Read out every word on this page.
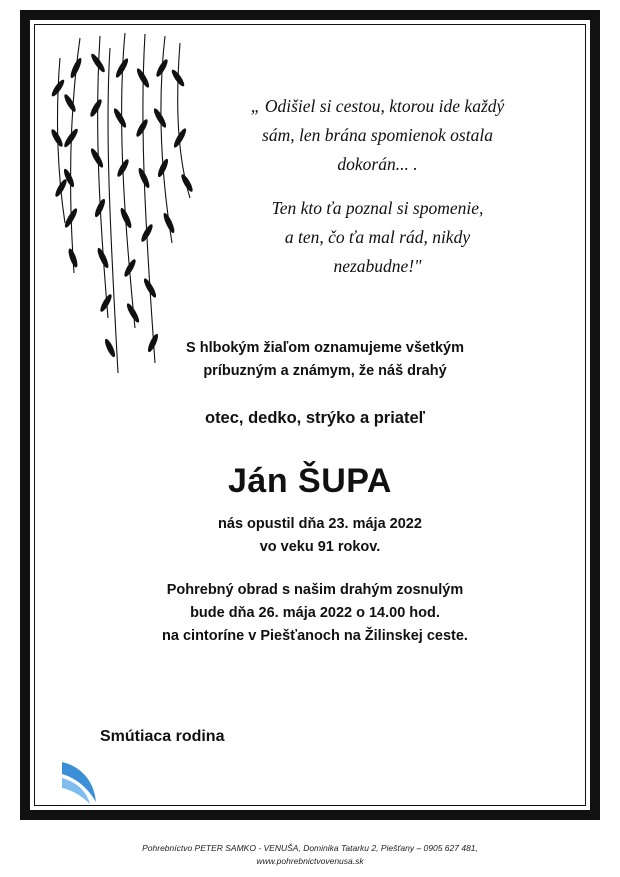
„ Odišiel si cestou, ktorou ide každý

sám, len brána spomienok ostala

dokorán... .

Ten kto ťa poznal si spomenie,

a ten, čo ťa mal rád, nikdy

nezabudne!"

S hlbokým žiaľom oznamujeme všetkým
príbuzným a známym, že náš drahý
otec, dedko, strýko a priateľ
Ján ŠUPA
nás opustil dňa 23. mája 2022
vo veku 91 rokov.
Pohrebný obrad s našim drahým zosnulým
bude dňa 26. mája 2022 o 14.00 hod.
na cintoríne v Piešťanoch na Žilinskej ceste.
Smútiaca rodina
Pohrebníctvo PETER SAMKO - VENUŠA, Dominika Tatarku 2, Piešťany – 0905 627 481,
www.pohrebnictvovenusa.sk
